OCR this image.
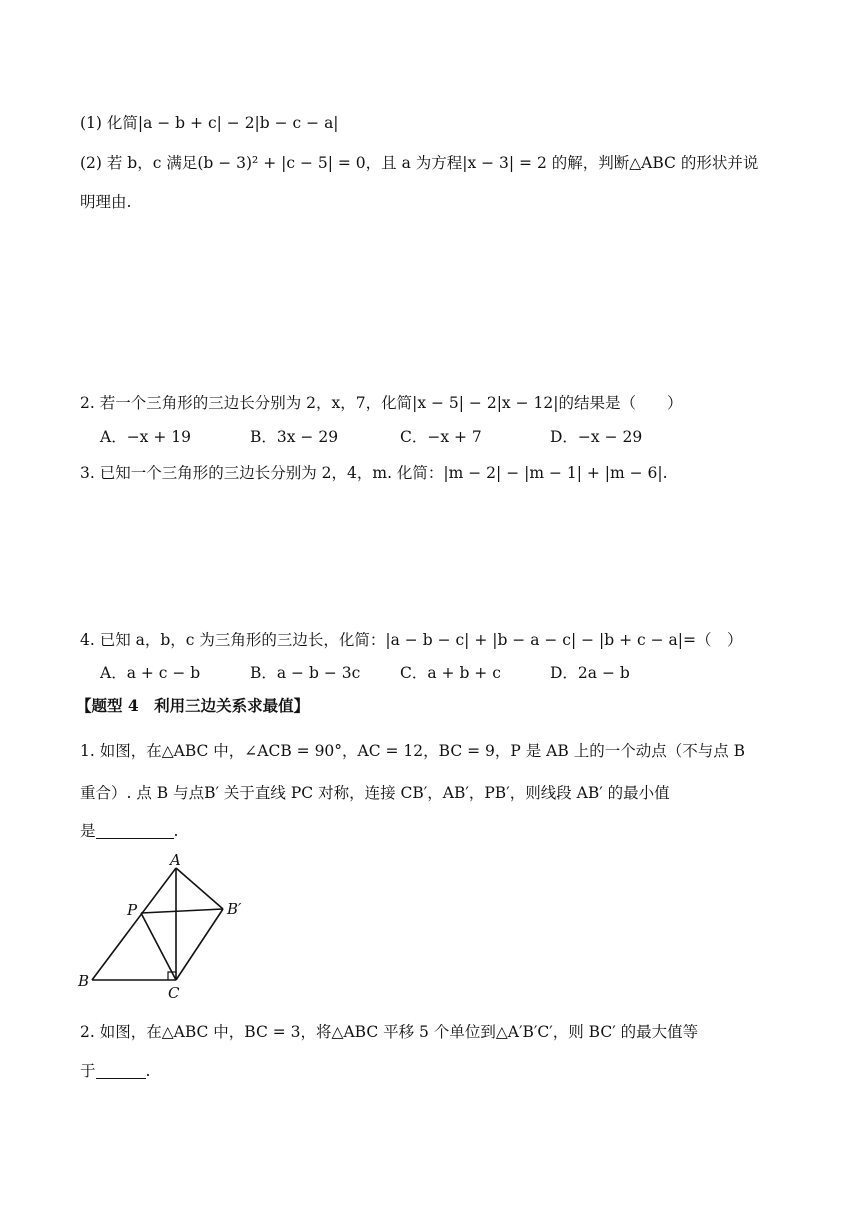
(1) 化简|a − b + c| − 2|b − c − a|
(2) 若 b，c 满足(b − 3)² + |c − 5| = 0，且 a 为方程|x − 3| = 2 的解，判断△ABC 的形状并说
明理由.
2. 若一个三角形的三边长分别为 2，x，7，化简|x − 5| − 2|x − 12|的结果是（　　）
A．−x + 19	B．3x − 29	C．−x + 7	D．−x − 29
3. 已知一个三角形的三边长分别为 2，4，m. 化简：|m − 2| − |m − 1| + |m − 6|.
4. 已知 a，b，c 为三角形的三边长，化简：|a − b − c| + |b − a − c| − |b + c − a|=（　）
A．a + c − b	B．a − b − 3c	C．a + b + c	D．2a − b
【题型 4　利用三边关系求最值】
1. 如图，在△ABC 中，∠ACB = 90°，AC = 12，BC = 9，P 是 AB 上的一个动点（不与点 B
重合）. 点 B 与点B′ 关于直线 PC 对称，连接 CB′，AB′，PB′，则线段 AB′ 的最小值
是	.
A
P	B′
B
C
2. 如图，在△ABC 中，BC = 3，将△ABC 平移 5 个单位到△A′B′C′，则 BC′ 的最大值等
于	.
